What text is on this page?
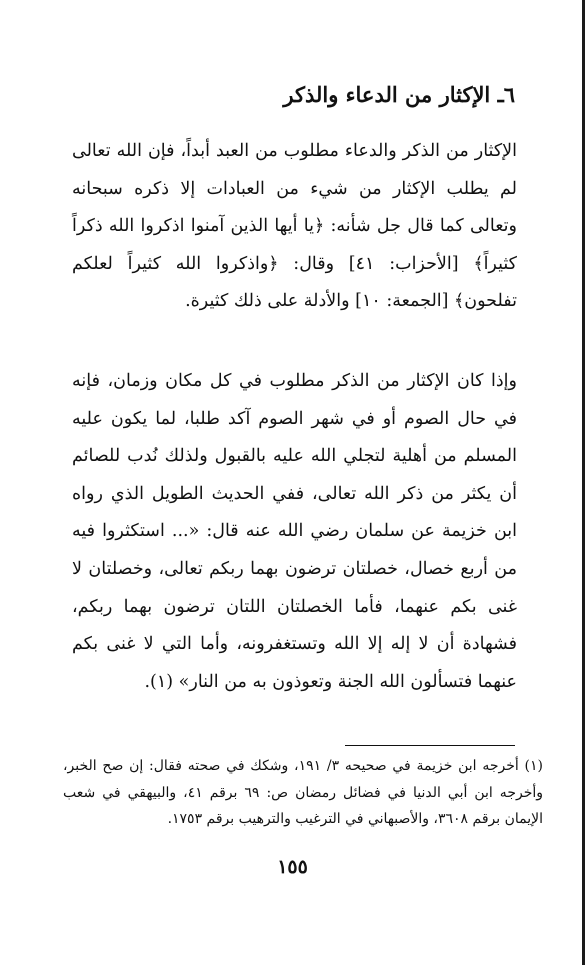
٦ـ الإكثار من الدعاء والذكر

الإكثار من الذكر والدعاء مطلوب من العبد أبداً، فإن الله تعالى لم يطلب الإكثار من شيء من العبادات إلا ذكره سبحانه وتعالى كما قال جل شأنه: ﴿يا أيها الذين آمنوا اذكروا الله ذكراً كثيراً﴾ [الأحزاب: ٤١] وقال: ﴿واذكروا الله كثيراً لعلكم تفلحون﴾ [الجمعة: ١٠] والأدلة على ذلك كثيرة.

وإذا كان الإكثار من الذكر مطلوب في كل مكان وزمان، فإنه في حال الصوم أو في شهر الصوم آكد طلبا، لما يكون عليه المسلم من أهلية لتجلي الله عليه بالقبول ولذلك نُدب للصائم أن يكثر من ذكر الله تعالى، ففي الحديث الطويل الذي رواه ابن خزيمة عن سلمان رضي الله عنه قال: «... استكثروا فيه من أربع خصال، خصلتان ترضون بهما ربكم تعالى، وخصلتان لا غنى بكم عنهما، فأما الخصلتان اللتان ترضون بهما ربكم، فشهادة أن لا إله إلا الله وتستغفرونه، وأما التي لا غنى بكم عنهما فتسألون الله الجنة وتعوذون به من النار» (١).

(١) أخرجه ابن خزيمة في صحيحه ٣/ ١٩١، وشكك في صحته فقال: إن صح الخبر، وأخرجه ابن أبي الدنيا في فضائل رمضان ص: ٦٩ برقم ٤١، والبيهقي في شعب الإيمان برقم ٣٦٠٨، والأصبهاني في الترغيب والترهيب برقم ١٧٥٣.

١٥٥
